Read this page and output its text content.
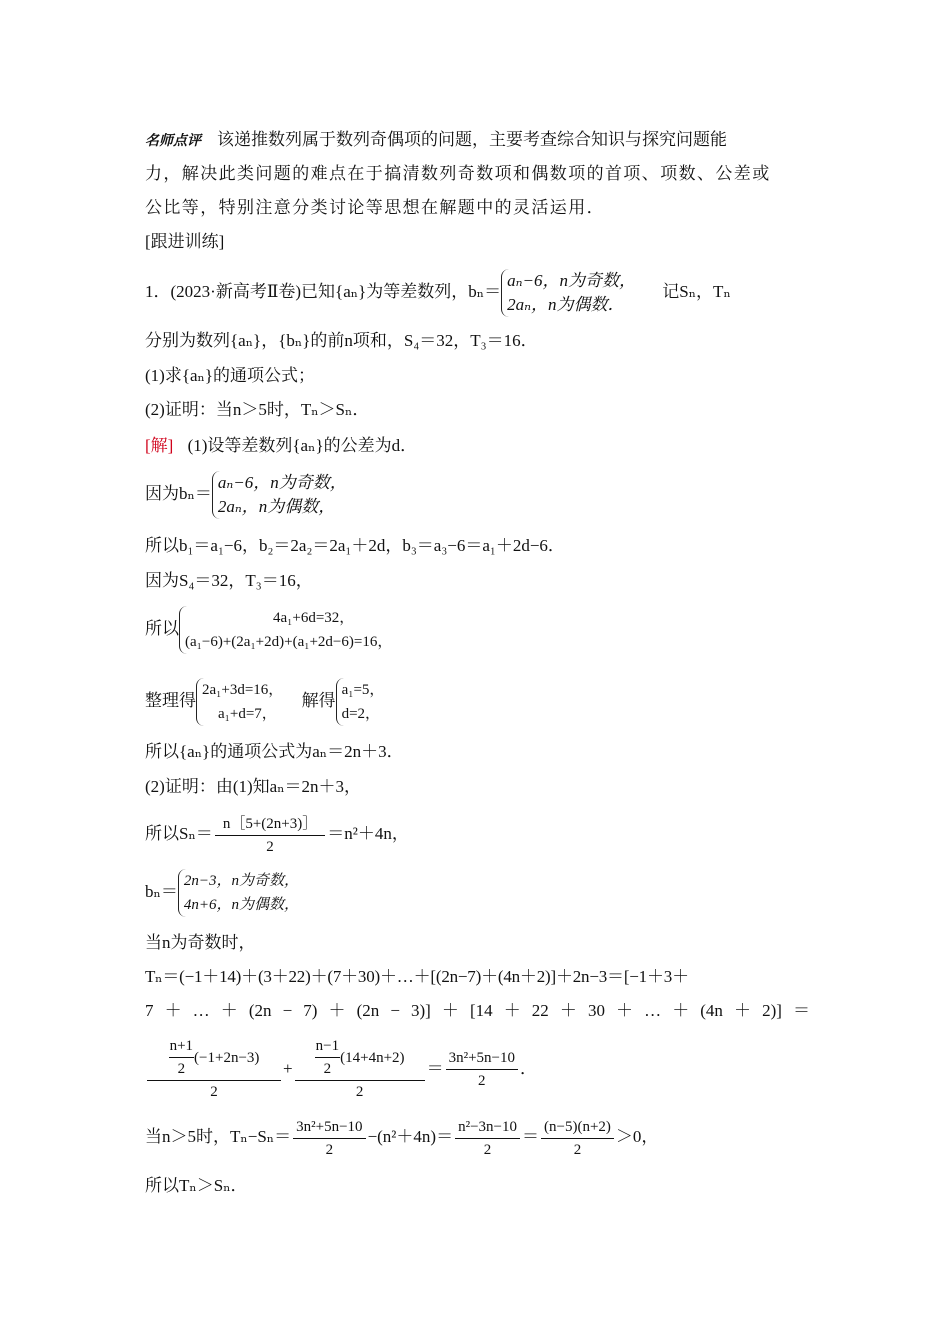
名师点评 该递推数列属于数列奇偶项的问题，主要考查综合知识与探究问题能
力，解决此类问题的难点在于搞清数列奇数项和偶数项的首项、项数、公差或
公比等，特别注意分类讨论等思想在解题中的灵活运用．
[跟进训练]
1．(2023·新高考Ⅱ卷)已知{aₙ}为等差数列，bₙ＝
aₙ−6，n为奇数，
2aₙ，n为偶数．
记Sₙ，Tₙ
分别为数列{aₙ}，{bₙ}的前n项和，S₄＝32，T₃＝16．
(1)求{aₙ}的通项公式；
(2)证明：当n＞5时，Tₙ＞Sₙ．
[解] (1)设等差数列{aₙ}的公差为d．
因为bₙ＝
aₙ−6，n为奇数，
2aₙ，n为偶数，
所以b₁＝a₁−6，b₂＝2a₂＝2a₁＋2d，b₃＝a₃−6＝a₁＋2d−6．
因为S₄＝32，T₃＝16，
所以
4a₁+6d=32，
(a₁−6)+(2a₁+2d)+(a₁+2d−6)=16，
整理得
2a₁+3d=16，
a₁+d=7，
解得
a₁=5，
d=2，
所以{aₙ}的通项公式为aₙ＝2n＋3．
(2)证明：由(1)知aₙ＝2n＋3，
所以$S_n= \frac{n[5+(2n+3)]}{2} =n^2+4n$，
bₙ＝
2n−3，n为奇数，
4n+6，n为偶数，
当n为奇数时，
Tₙ＝(−1＋14)＋(3＋22)＋(7＋30)＋…＋[(2n−7)＋(4n＋2)]＋2n−3＝[−1＋3＋
7 ＋ … ＋ (2n − 7) ＋ (2n − 3)] ＋ [14 ＋ 22 ＋ 30 ＋ … ＋ (4n ＋ 2)] ＝
$\frac{\frac{n+1}{2} (-1+2n-3)}{2} + \frac{\frac{n-1}{2} (14+4n+2)}{2} = \frac{\text{3n²+5n−10}}{2}$ ．
当n＞5时，$T_n-S_n= \frac{\text{3n²+5n−10}}{2} -(n^2+4n)= \frac{\text{n²−3n−10}}{2} = \frac{(n-5)(n+2)}{2} >0$，
所以Tₙ＞Sₙ．
